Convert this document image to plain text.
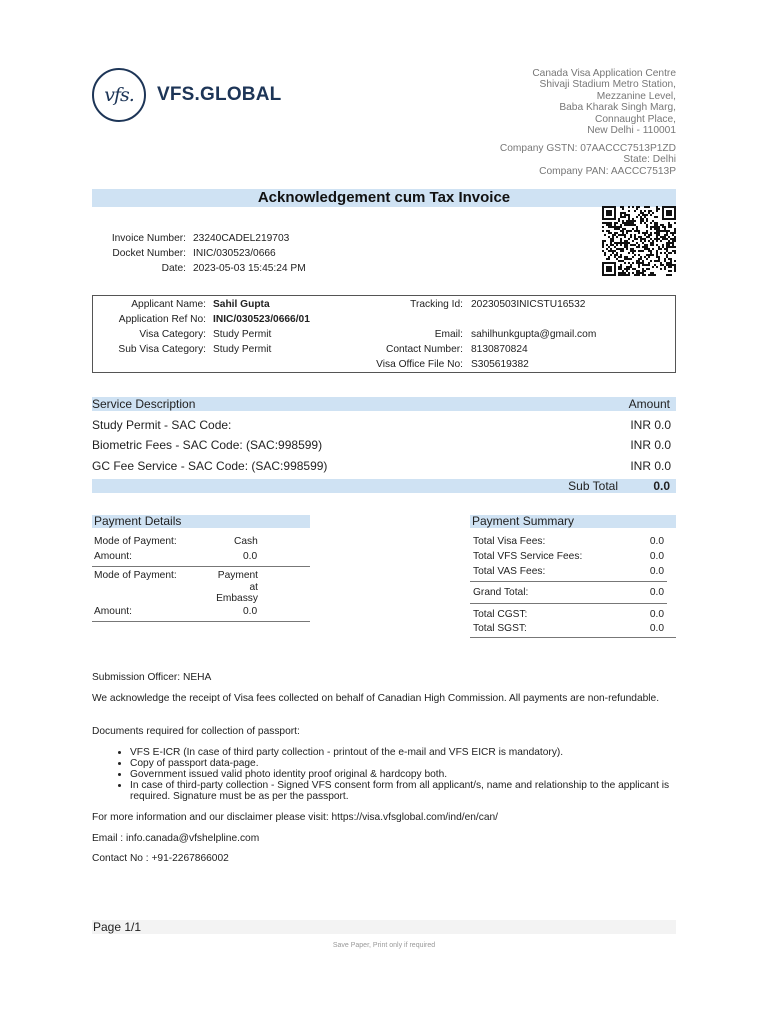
vfs. VFS.GLOBAL
Canada Visa Application Centre
Shivaji Stadium Metro Station,
Mezzanine Level,
Baba Kharak Singh Marg,
Connaught Place,
New Delhi - 110001
Company GSTN: 07AACCC7513P1ZD
State: Delhi
Company PAN: AACCC7513P
Acknowledgement cum Tax Invoice
Invoice Number: 23240CADEL219703
Docket Number: INIC/030523/0666
Date: 2023-05-03 15:45:24 PM
Applicant Name: Sahil Gupta
Application Ref No: INIC/030523/0666/01
Visa Category: Study Permit
Sub Visa Category: Study Permit
Tracking Id: 20230503INICSTU16532
Email: sahilhunkgupta@gmail.com
Contact Number: 8130870824
Visa Office File No: S305619382
Service Description	Amount
Study Permit - SAC Code:	INR 0.0
Biometric Fees - SAC Code: (SAC:998599)	INR 0.0
GC Fee Service - SAC Code: (SAC:998599)	INR 0.0
Sub Total	0.0
Payment Details
Mode of Payment:	Cash
Amount:	0.0
Mode of Payment:	Payment
at
Embassy
Amount:	0.0
Payment Summary
Total Visa Fees:	0.0
Total VFS Service Fees:	0.0
Total VAS Fees:	0.0
Grand Total:	0.0
Total CGST:	0.0
Total SGST:	0.0
Submission Officer: NEHA
We acknowledge the receipt of Visa fees collected on behalf of Canadian High Commission. All payments are non-refundable.
Documents required for collection of passport:
• VFS E-ICR (In case of third party collection - printout of the e-mail and VFS EICR is mandatory).
• Copy of passport data-page.
• Government issued valid photo identity proof original & hardcopy both.
• In case of third-party collection - Signed VFS consent form from all applicant/s, name and relationship to the applicant is required. Signature must be as per the passport.
For more information and our disclaimer please visit: https://visa.vfsglobal.com/ind/en/can/
Email : info.canada@vfshelpline.com
Contact No : +91-2267866002
Page 1/1
Save Paper, Print only if required
